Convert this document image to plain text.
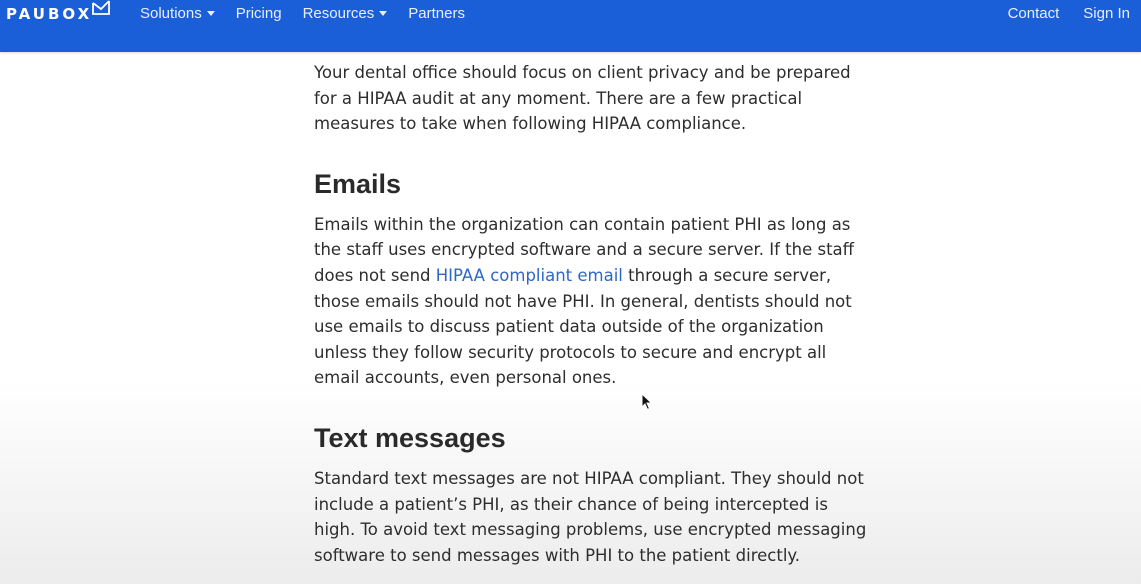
PAUBOX	Solutions Pricing Resources Partners	Contact Sign In

Your dental office should focus on client privacy and be prepared for a HIPAA audit at any moment. There are a few practical measures to take when following HIPAA compliance.

Emails

Emails within the organization can contain patient PHI as long as the staff uses encrypted software and a secure server. If the staff does not send HIPAA compliant email through a secure server, those emails should not have PHI. In general, dentists should not use emails to discuss patient data outside of the organization unless they follow security protocols to secure and encrypt all email accounts, even personal ones.

Text messages

Standard text messages are not HIPAA compliant. They should not include a patient’s PHI, as their chance of being intercepted is high. To avoid text messaging problems, use encrypted messaging software to send messages with PHI to the patient directly.
